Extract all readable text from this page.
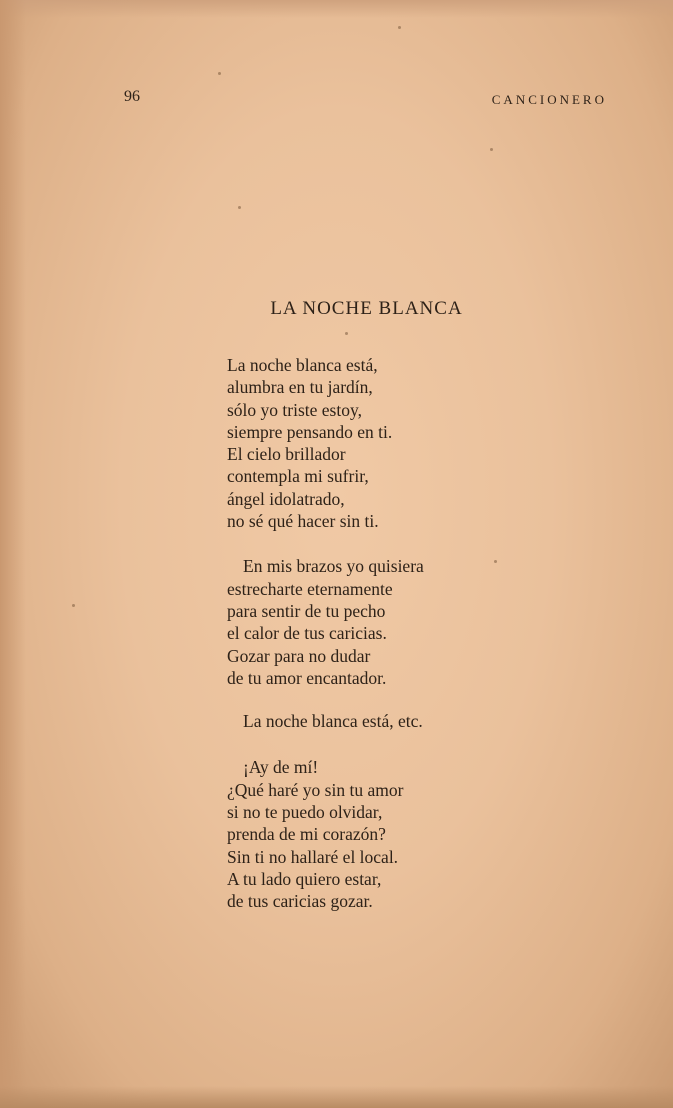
96	CANCIONERO
LA NOCHE BLANCA
La noche blanca está,
alumbra en tu jardín,
sólo yo triste estoy,
siempre pensando en ti.
El cielo brillador
contempla mi sufrir,
ángel idolatrado,
no sé qué hacer sin ti.
En mis brazos yo quisiera
estrecharte eternamente
para sentir de tu pecho
el calor de tus caricias.
Gozar para no dudar
de tu amor encantador.
La noche blanca está, etc.
¡Ay de mí!
¿Qué haré yo sin tu amor
si no te puedo olvidar,
prenda de mi corazón?
Sin ti no hallaré el local.
A tu lado quiero estar,
de tus caricias gozar.
